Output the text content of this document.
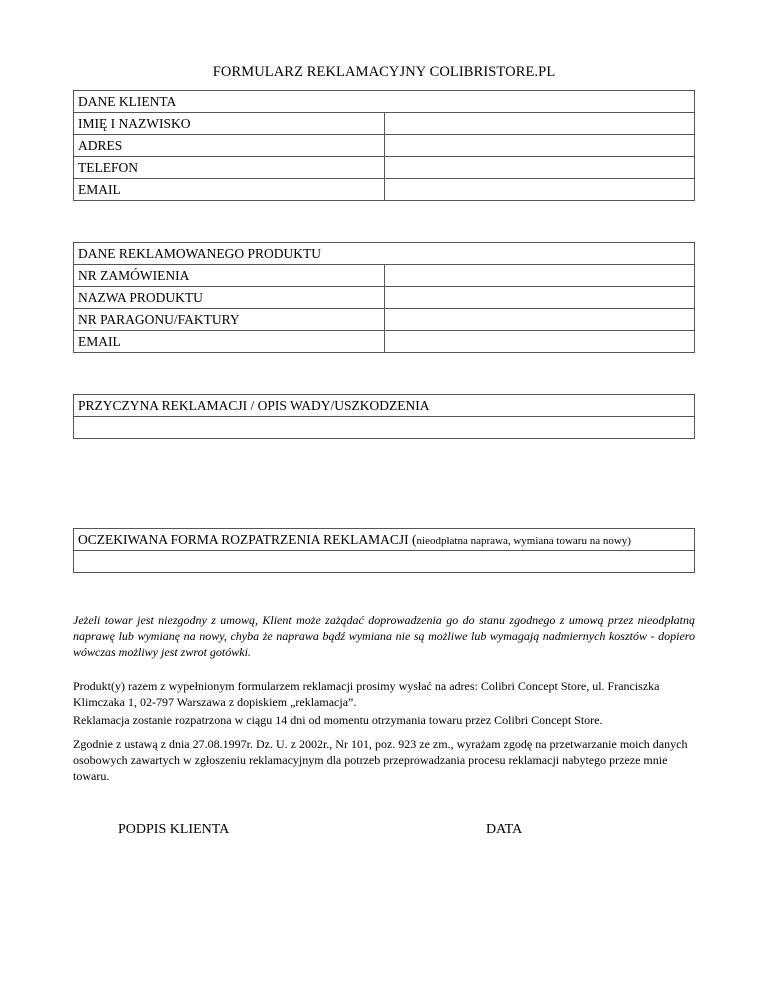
FORMULARZ REKLAMACYJNY COLIBRISTORE.PL
DANE KLIENTA	
IMIĘ I NAZWISKO	
ADRES	
TELEFON	
EMAIL	
DANE REKLAMOWANEGO PRODUKTU	
NR ZAMÓWIENIA	
NAZWA PRODUKTU	
NR PARAGONU/FAKTURY	
EMAIL	
PRZYCZYNA REKLAMACJI / OPIS WADY/USZKODZENIA

OCZEKIWANA FORMA ROZPATRZENIA REKLAMACJI (nieodpłatna naprawa, wymiana towaru na nowy)

Jeżeli towar jest niezgodny z umową, Klient może zażądać doprowadzenia go do stanu zgodnego z umową przez nieodpłatną naprawę lub wymianę na nowy, chyba że naprawa bądź wymiana nie są możliwe lub wymagają nadmiernych kosztów - dopiero wówczas możliwy jest zwrot gotówki.
Produkt(y) razem z wypełnionym formularzem reklamacji prosimy wysłać na adres: Colibri Concept Store, ul. Franciszka Klimczaka 1, 02-797 Warszawa z dopiskiem „reklamacja”.
Reklamacja zostanie rozpatrzona w ciągu 14 dni od momentu otrzymania towaru przez Colibri Concept Store.
Zgodnie z ustawą z dnia 27.08.1997r. Dz. U. z 2002r., Nr 101, poz. 923 ze zm., wyrażam zgodę na przetwarzanie moich danych osobowych zawartych w zgłoszeniu reklamacyjnym dla potrzeb przeprowadzania procesu reklamacji nabytego przeze mnie towaru.
PODPIS KLIENTA	DATA
